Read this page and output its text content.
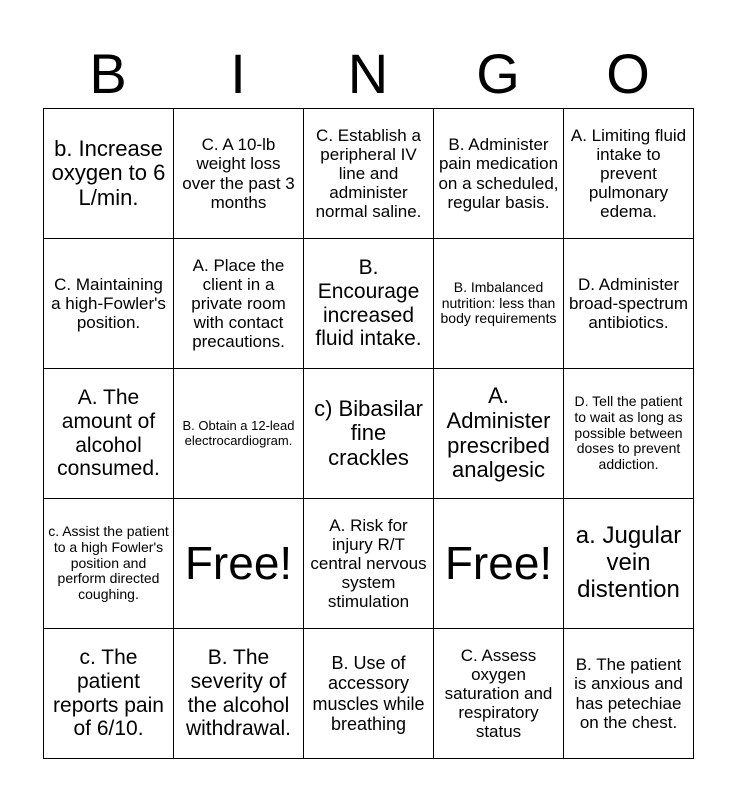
B	I	N	G	O
b. Increase oxygen to 6 L/min.	C. A 10-lb weight loss over the past 3 months	C. Establish a peripheral IV line and administer normal saline.	B. Administer pain medication on a scheduled, regular basis.	A. Limiting fluid intake to prevent pulmonary edema.
C. Maintaining a high-Fowler's position.	A. Place the client in a private room with contact precautions.	B. Encourage increased fluid intake.	B. Imbalanced nutrition: less than body requirements	D. Administer broad-spectrum antibiotics.
A. The amount of alcohol consumed.	B. Obtain a 12-lead electrocardiogram.	c) Bibasilar fine crackles	A. Administer prescribed analgesic	D. Tell the patient to wait as long as possible between doses to prevent addiction.
c. Assist the patient to a high Fowler's position and perform directed coughing.	Free!	A. Risk for injury R/T central nervous system stimulation	Free!	a. Jugular vein distention
c. The patient reports pain of 6/10.	B. The severity of the alcohol withdrawal.	B. Use of accessory muscles while breathing	C. Assess oxygen saturation and respiratory status	B. The patient is anxious and has petechiae on the chest.
